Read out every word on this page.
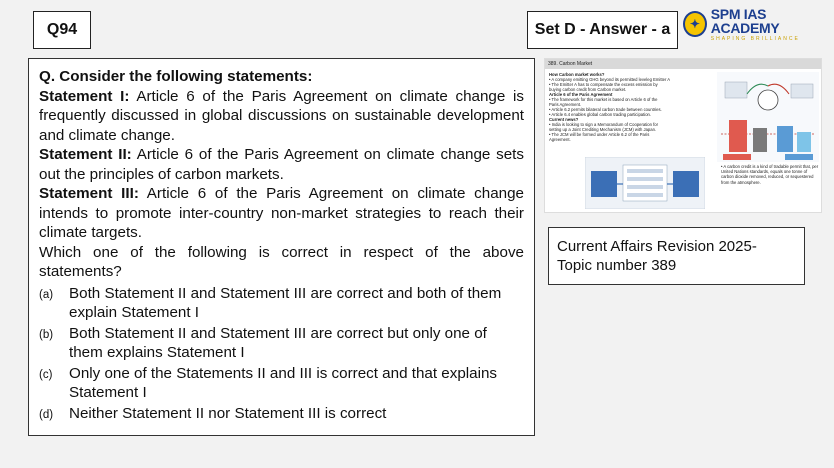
Q94	Set D - Answer - a	✦
SPM IAS ACADEMY
SHAPING BRILLIANCE

Q. Consider the following statements:

Statement I: Article 6 of the Paris Agreement on climate change is frequently discussed in global discussions on sustainable development and climate change.

Statement II: Article 6 of the Paris Agreement on climate change sets out the principles of carbon markets.

Statement III: Article 6 of the Paris Agreement on climate change intends to promote inter-country non-market strategies to reach their climate targets.

Which one of the following is correct in respect of the above statements?

(a)	Both Statement II and Statement III are correct and both of them explain Statement I
(b)	Both Statement II and Statement III are correct but only one of them explains Statement I
(c)	Only one of the Statements II and III is correct and that explains Statement I
(d)	Neither Statement II nor Statement III is correct
389. Carbon Market
How Carbon market works?
• A company emitting GHG beyond its permitted leveleg Emitter A
• The Emitter A has to compensate the excess emission by
buying carbon credit from Carbon market.
Article 6 of the Paris Agreement
• The framework for this market is based on Article 6 of the
Paris Agreement.
• Article 6.2 permits bilateral carbon trade between countries.
• Article 6.4 enables global carbon trading participation.
Current news?
• India is looking to sign a Memorandum of Cooperation for
setting up a Joint Crediting Mechanism (JCM) with Japan.
• The JCM will be formed under Article 6.2 of the Paris
Agreement.
• A carbon credit is a kind of tradable permit that, per United Nations standards, equals one tonne of carbon dioxide removed, reduced, or sequestered from the atmosphere.
Current Affairs Revision 2025-
Topic number 389
